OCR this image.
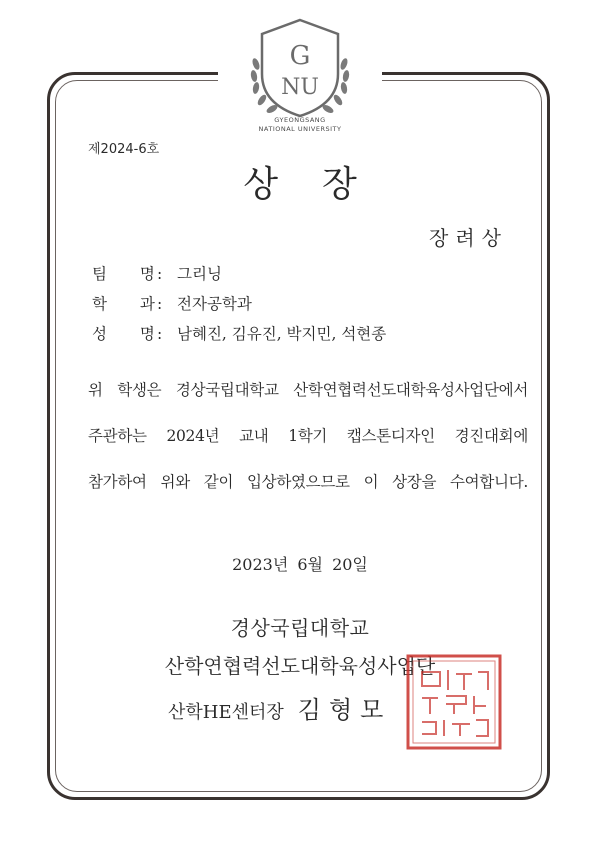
G
NU
GYEONGSANG
NATIONAL UNIVERSITY
제2024-6호
상장
장려상
팀 명 : 그리닝
학 과 : 전자공학과
성 명 : 남혜진, 김유진, 박지민, 석현종
위 학생은 경상국립대학교 산학연협력선도대학육성사업단에서
주관하는 2024년 교내 1학기 캡스톤디자인 경진대회에
참가하여 위와 같이 입상하였으므로 이 상장을 수여합니다.
2023년 6월 20일
경상국립대학교
산학연협력선도대학육성사업단
산학HE센터장 김형모
